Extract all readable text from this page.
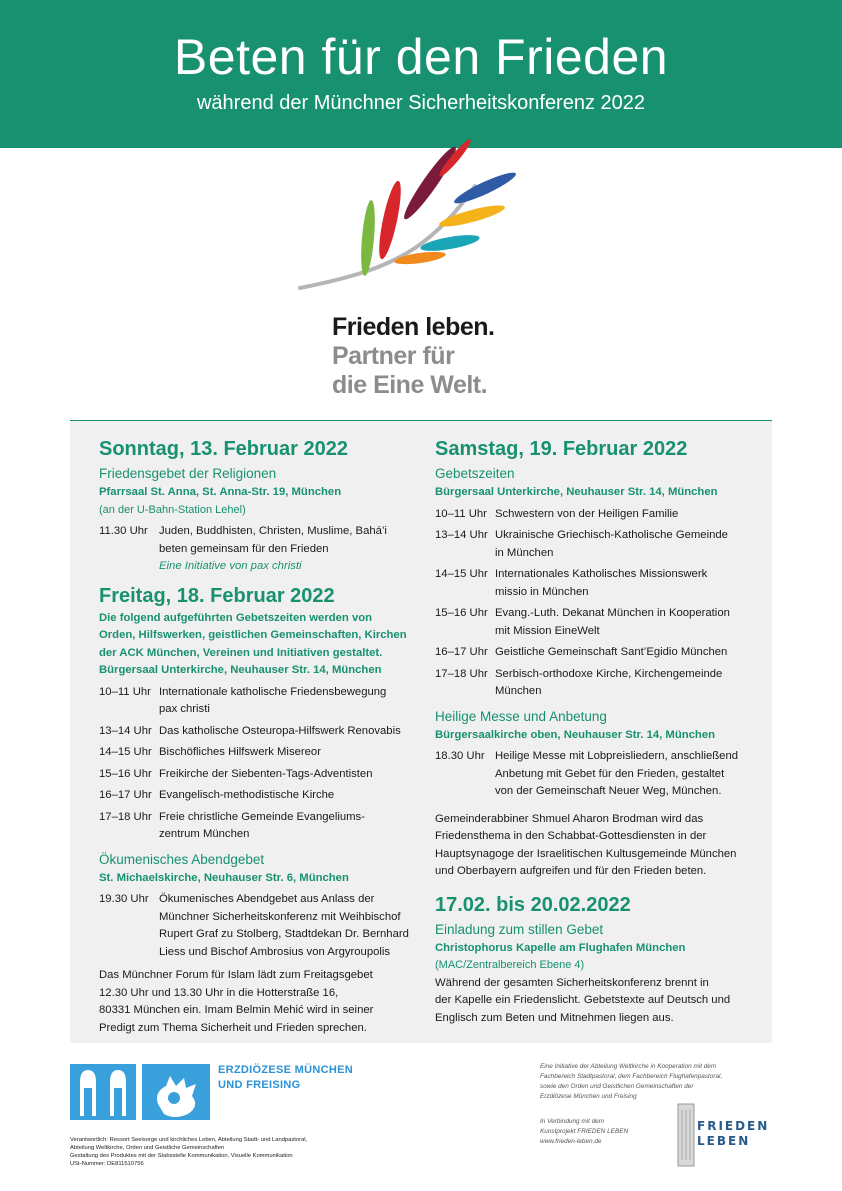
Beten für den Frieden
während der Münchner Sicherheitskonferenz 2022
Frieden leben.
Partner für
die Eine Welt.
Sonntag, 13. Februar 2022
Friedensgebet der Religionen
Pfarrsaal St. Anna, St. Anna-Str. 19, München
(an der U-Bahn-Station Lehel)
11.30 Uhr Juden, Buddhisten, Christen, Muslime, Bahá’i
beten gemeinsam für den Frieden
Eine Initiative von pax christi
Freitag, 18. Februar 2022
Die folgend aufgeführten Gebetszeiten werden von
Orden, Hilfswerken, geistlichen Gemeinschaften, Kirchen
der ACK München, Vereinen und Initiativen gestaltet.
Bürgersaal Unterkirche, Neuhauser Str. 14, München
10–11 Uhr Internationale katholische Friedensbewegung
pax christi
13–14 Uhr Das katholische Osteuropa-Hilfswerk Renovabis
14–15 Uhr Bischöfliches Hilfswerk Misereor
15–16 Uhr Freikirche der Siebenten-Tags-Adventisten
16–17 Uhr Evangelisch-methodistische Kirche
17–18 Uhr Freie christliche Gemeinde Evangeliums-
zentrum München
Ökumenisches Abendgebet
St. Michaelskirche, Neuhauser Str. 6, München
19.30 Uhr Ökumenisches Abendgebet aus Anlass der
Münchner Sicherheitskonferenz mit Weihbischof
Rupert Graf zu Stolberg, Stadtdekan Dr. Bernhard
Liess und Bischof Ambrosius von Argyroupolis
Das Münchner Forum für Islam lädt zum Freitagsgebet
12.30 Uhr und 13.30 Uhr in die Hotterstraße 16,
80331 München ein. Imam Belmin Mehić wird in seiner
Predigt zum Thema Sicherheit und Frieden sprechen.
Samstag, 19. Februar 2022
Gebetszeiten
Bürgersaal Unterkirche, Neuhauser Str. 14, München
10–11 Uhr Schwestern von der Heiligen Familie
13–14 Uhr Ukrainische Griechisch-Katholische Gemeinde
in München
14–15 Uhr Internationales Katholisches Missionswerk
missio in München
15–16 Uhr Evang.-Luth. Dekanat München in Kooperation
mit Mission EineWelt
16–17 Uhr Geistliche Gemeinschaft Sant’Egidio München
17–18 Uhr Serbisch-orthodoxe Kirche, Kirchengemeinde
München
Heilige Messe und Anbetung
Bürgersaalkirche oben, Neuhauser Str. 14, München
18.30 Uhr Heilige Messe mit Lobpreisliedern, anschließend
Anbetung mit Gebet für den Frieden, gestaltet
von der Gemeinschaft Neuer Weg, München.
Gemeinderabbiner Shmuel Aharon Brodman wird das
Friedensthema in den Schabbat-Gottesdiensten in der
Hauptsynagoge der Israelitischen Kultusgemeinde München
und Oberbayern aufgreifen und für den Frieden beten.
17.02. bis 20.02.2022
Einladung zum stillen Gebet
Christophorus Kapelle am Flughafen München
(MAC/Zentralbereich Ebene 4)
Während der gesamten Sicherheitskonferenz brennt in
der Kapelle ein Friedenslicht. Gebetstexte auf Deutsch und
Englisch zum Beten und Mitnehmen liegen aus.
ERZDIÖZESE MÜNCHEN
UND FREISING
Verantwortlich: Ressort Seelsorge und kirchliches Leben, Abteilung Stadt- und Landpastoral,
Abteilung Weltkirche, Orden und Geistliche Gemeinschaften
Gestaltung des Produktes mit der Stabsstelle Kommunikation, Visuelle Kommunikation
USt-Nummer: DE811510756
Eine Initiative der Abteilung Weltkirche in Kooperation mit dem
Fachbereich Stadtpastoral, dem Fachbereich Flughafenpastoral,
sowie den Orden und Geistlichen Gemeinschaften der
Erzdiözese München und Freising
In Verbindung mit dem
Kunstprojekt FRIEDEN LEBEN
www.frieden-leben.de
FRIEDEN
LEBEN
